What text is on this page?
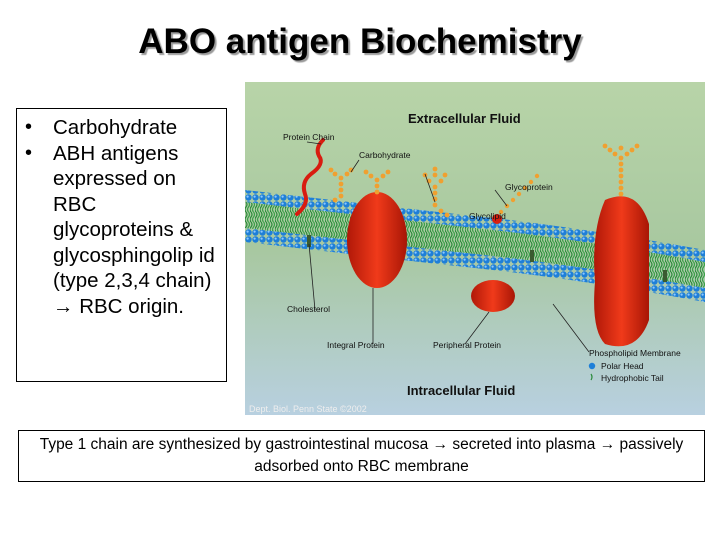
ABO antigen Biochemistry
•	Carbohydrate
•	ABH antigens expressed on RBC glycoproteins & glycosphingolip id (type 2,3,4 chain) → RBC origin.
Extracellular Fluid
Protein Chain
Carbohydrate
Glycoprotein
Glycolipid
Cholesterol
Integral Protein	Peripheral Protein
Phospholipid Membrane
Polar Head
Hydrophobic Tail
Intracellular Fluid
Dept. Biol. Penn State ©2002
Type 1 chain are synthesized by gastrointestinal mucosa → secreted into plasma → passively adsorbed onto RBC membrane
